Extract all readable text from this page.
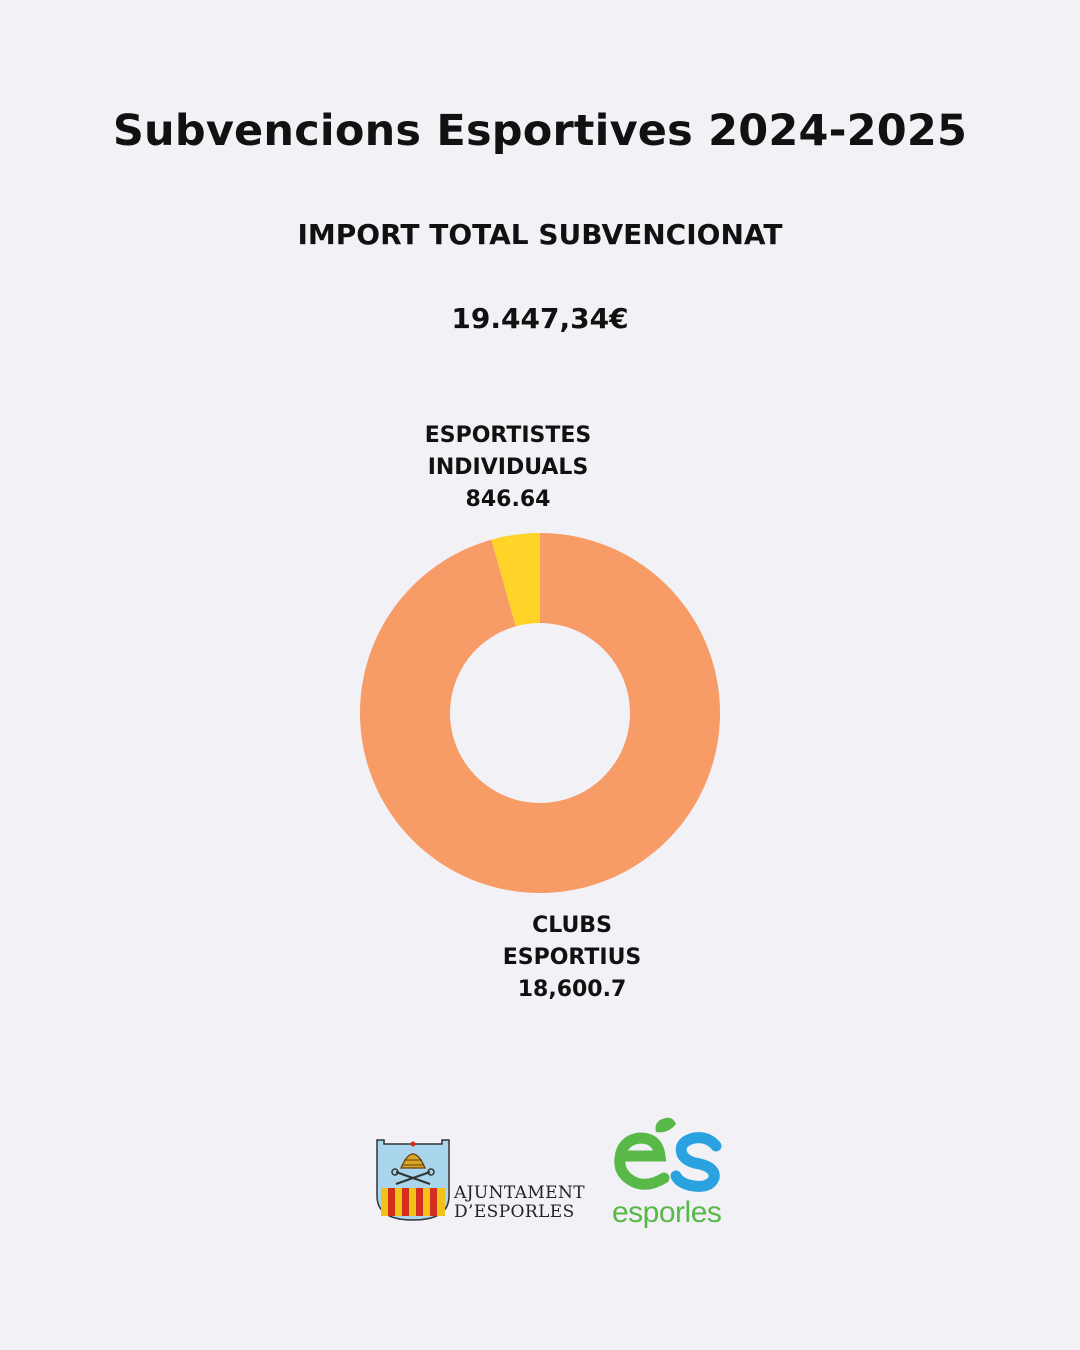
Subvencions Esportives 2024-2025
IMPORT TOTAL SUBVENCIONAT
19.447,34€
ESPORTISTES
INDIVIDUALS
846.64
CLUBS
ESPORTIUS
18,600.7
AJUNTAMENT
D’ESPORLES	esporles
